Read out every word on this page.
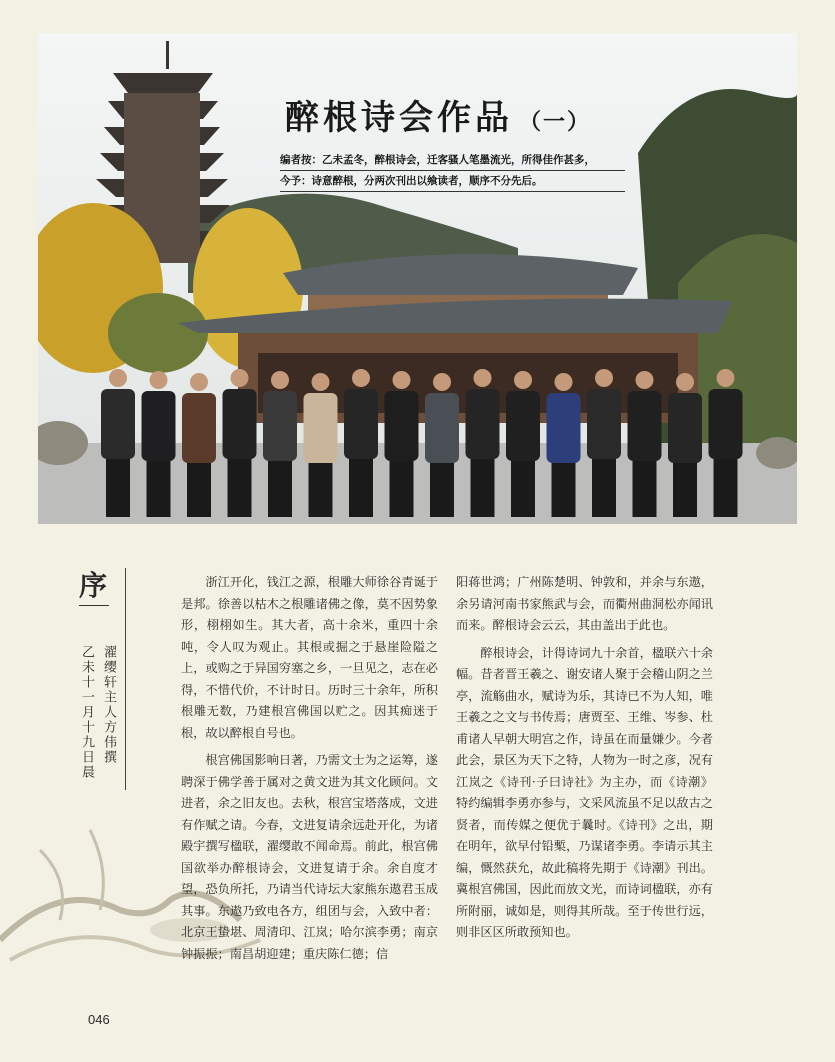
醉根诗会作品 （一）
编者按：乙未孟冬，醉根诗会，迁客骚人笔墨流光，所得佳作甚多，
今予：诗意醉根，分两次刊出以飨读者，顺序不分先后。
序
濯缨轩主人方伟撰
乙未十一月十九日晨

浙江开化，钱江之源，根雕大师徐谷青诞于是邦。徐善以枯木之根雕诸佛之像，莫不因势象形，栩栩如生。其大者，高十余米，重四十余吨，令人叹为观止。其根或掘之于悬崖险隘之上，或购之于异国穷塞之乡，一旦见之，志在必得，不惜代价，不计时日。历时三十余年，所积根雕无数，乃建根宫佛国以贮之。因其痴迷于根，故以醉根自号也。

根宫佛国影响日著，乃需文士为之运筹，遂聘深于佛学善于属对之黄文进为其文化顾问。文进者，余之旧友也。去秋，根宫宝塔落成，文进有作赋之请。今春，文进复请余远赴开化，为诸殿宇撰写楹联，濯缨敢不闻命焉。前此，根宫佛国欲举办醉根诗会，文进复请于余。余自度才望，恐负所托，乃请当代诗坛大家熊东遨君玉成其事。东遨乃致电各方，组团与会，入致中者：北京王蛰堪、周清印、江岚；哈尔滨李勇；南京钟振振；南昌胡迎建；重庆陈仁德；信

阳蒋世鸿；广州陈楚明、钟敦和，并余与东遨，余另请河南书家熊武与会，而衢州曲洞松亦闻讯而来。醉根诗会云云，其由盖出于此也。

醉根诗会，计得诗词九十余首，楹联六十余幅。昔者晋王羲之、谢安诸人聚于会稽山阴之兰亭，流觞曲水，赋诗为乐，其诗已不为人知，唯王羲之之文与书传焉；唐贾至、王维、岑参、杜甫诸人早朝大明宫之作，诗虽在而量嫌少。今者此会，景区为天下之特，人物为一时之彦，况有江岚之《诗刊·子曰诗社》为主办，而《诗潮》特约编辑李勇亦参与，文采风流虽不足以敌古之贤者，而传媒之便优于曩时。《诗刊》之出，期在明年，欲早付铅槧，乃谋诸李勇。李请示其主编，慨然获允，故此稿将先期于《诗潮》刊出。冀根宫佛国，因此而放文光，而诗词楹联，亦有所附丽，诚如是，则得其所哉。至于传世行远，则非区区所敢预知也。

046
